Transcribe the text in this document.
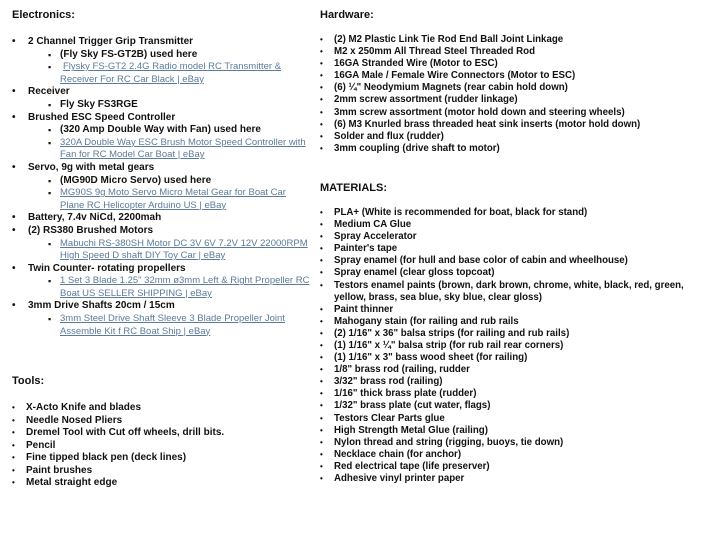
Electronics:

• 2 Channel Trigger Grip Transmitter
▪ (Fly Sky FS-GT2B) used here
▪ Flysky FS-GT2 2.4G Radio model RC Transmitter & Receiver For RC Car Black | eBay
• Receiver
▪ Fly Sky FS3RGE
• Brushed ESC Speed Controller
▪ (320 Amp Double Way with Fan) used here
▪ 320A Double Way ESC Brush Motor Speed Controller with Fan for RC Model Car Boat | eBay
• Servo, 9g with metal gears
▪ (MG90D Micro Servo) used here
▪ MG90S 9g Moto Servo Micro Metal Gear for Boat Car Plane RC Helicopter Arduino US | eBay
• Battery, 7.4v NiCd, 2200mah
• (2) RS380 Brushed Motors
▪ Mabuchi RS-380SH Motor DC 3V 6V 7.2V 12V 22000RPM High Speed D shaft DIY Toy Car | eBay
• Twin Counter- rotating propellers
▪ 1 Set 3 Blade 1.25" 32mm ø3mm Left & Right Propeller RC Boat US SELLER SHIPPING | eBay
• 3mm Drive Shafts 20cm / 15cm
▪ 3mm Steel Drive Shaft Sleeve 3 Blade Propeller Joint Assemble Kit f RC Boat Ship | eBay

Tools:

• X-Acto Knife and blades
• Needle Nosed Pliers
• Dremel Tool with Cut off wheels, drill bits.
• Pencil
• Fine tipped black pen (deck lines)
• Paint brushes
• Metal straight edge

Hardware:

• (2) M2 Plastic Link Tie Rod End Ball Joint Linkage
• M2 x 250mm All Thread Steel Threaded Rod
• 16GA Stranded Wire (Motor to ESC)
• 16GA Male / Female Wire Connectors (Motor to ESC)
• (6) ¼" Neodymium Magnets (rear cabin hold down)
• 2mm screw assortment (rudder linkage)
• 3mm screw assortment (motor hold down and steering wheels)
• (6) M3 Knurled brass threaded heat sink inserts (motor hold down)
• Solder and flux (rudder)
• 3mm coupling (drive shaft to motor)

MATERIALS:

• PLA+ (White is recommended for boat, black for stand)
• Medium CA Glue
• Spray Accelerator
• Painter's tape
• Spray enamel (for hull and base color of cabin and wheelhouse)
• Spray enamel (clear gloss topcoat)
• Testors enamel paints (brown, dark brown, chrome, white, black, red, green, yellow, brass, sea blue, sky blue, clear gloss)
• Paint thinner
• Mahogany stain (for railing and rub rails
• (2) 1/16" x 36" balsa strips (for railing and rub rails)
• (1) 1/16" x ¼" balsa strip (for rub rail rear corners)
• (1) 1/16" x 3" bass wood sheet (for railing)
• 1/8" brass rod (railing, rudder
• 3/32" brass rod (railing)
• 1/16" thick brass plate (rudder)
• 1/32" brass plate (cut water, flags)
• Testors Clear Parts glue
• High Strength Metal Glue (railing)
• Nylon thread and string (rigging, buoys, tie down)
• Necklace chain (for anchor)
• Red electrical tape (life preserver)
• Adhesive vinyl printer paper
